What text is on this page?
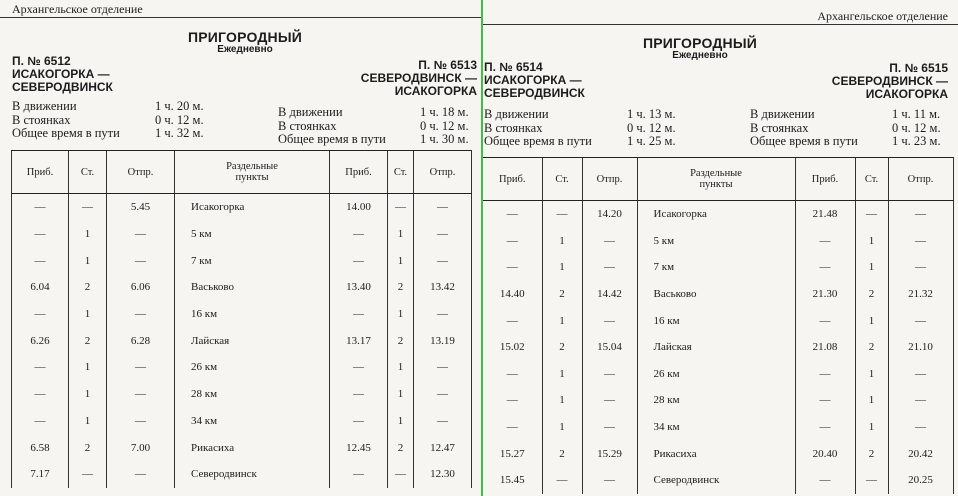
Архангельское отделение
ПРИГОРОДНЫЙ
Ежедневно
П. № 6512
ИСАКОГОРКА —
СЕВЕРОДВИНСК
П. № 6513
СЕВЕРОДВИНСК —
ИСАКОГОРКА
В движении	1 ч. 20 м.
В стоянках	0 ч. 12 м.
Общее время в пути	1 ч. 32 м.
В движении	1 ч. 18 м.
В стоянках	0 ч. 12 м.
Общее время в пути	1 ч. 30 м.
Приб.	Ст.	Отпр.	Раздельные пункты	Приб.	Ст.	Отпр.
—	—	5.45	Исакогорка	14.00	—	—
—	1	—	5 км	—	1	—
—	1	—	7 км	—	1	—
6.04	2	6.06	Васьково	13.40	2	13.42
—	1	—	16 км	—	1	—
6.26	2	6.28	Лайская	13.17	2	13.19
—	1	—	26 км	—	1	—
—	1	—	28 км	—	1	—
—	1	—	34 км	—	1	—
6.58	2	7.00	Рикасиха	12.45	2	12.47
7.17	—	—	Северодвинск	—	—	12.30
Архангельское отделение
ПРИГОРОДНЫЙ
Ежедневно
П. № 6514
ИСАКОГОРКА —
СЕВЕРОДВИНСК
П. № 6515
СЕВЕРОДВИНСК —
ИСАКОГОРКА
В движении	1 ч. 13 м.
В стоянках	0 ч. 12 м.
Общее время в пути	1 ч. 25 м.
В движении	1 ч. 11 м.
В стоянках	0 ч. 12 м.
Общее время в пути	1 ч. 23 м.
Приб.	Ст.	Отпр.	Раздельные пункты	Приб.	Ст.	Отпр.
—	—	14.20	Исакогорка	21.48	—	—
—	1	—	5 км	—	1	—
—	1	—	7 км	—	1	—
14.40	2	14.42	Васьково	21.30	2	21.32
—	1	—	16 км	—	1	—
15.02	2	15.04	Лайская	21.08	2	21.10
—	1	—	26 км	—	1	—
—	1	—	28 км	—	1	—
—	1	—	34 км	—	1	—
15.27	2	15.29	Рикасиха	20.40	2	20.42
15.45	—	—	Северодвинск	—	—	20.25
